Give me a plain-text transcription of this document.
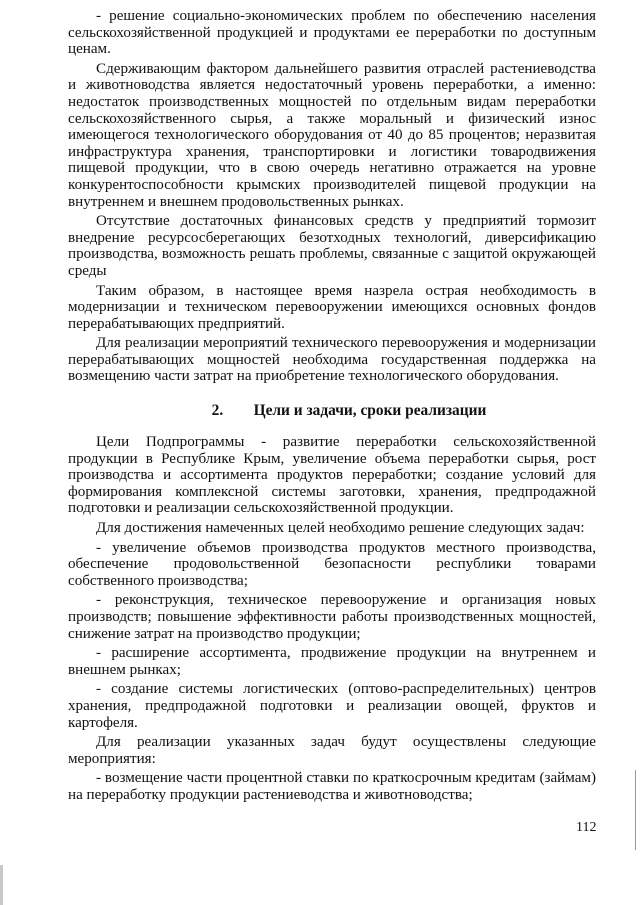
- решение социально-экономических проблем по обеспечению населения сельскохозяйственной продукцией и продуктами ее переработки по доступным ценам.

Сдерживающим фактором дальнейшего развития отраслей растениеводства и животноводства является недостаточный уровень переработки, а именно: недостаток производственных мощностей по отдельным видам переработки сельскохозяйственного сырья, а также моральный и физический износ имеющегося технологического оборудования от 40 до 85 процентов; неразвитая инфраструктура хранения, транспортировки и логистики товародвижения пищевой продукции, что в свою очередь негативно отражается на уровне конкурентоспособности крымских производителей пищевой продукции на внутреннем и внешнем продовольственных рынках.

Отсутствие достаточных финансовых средств у предприятий тормозит внедрение ресурсосберегающих безотходных технологий, диверсификацию производства, возможность решать проблемы, связанные с защитой окружающей среды

Таким образом, в настоящее время назрела острая необходимость в модернизации и техническом перевооружении имеющихся основных фондов перерабатывающих предприятий.

Для реализации мероприятий технического перевооружения и модернизации перерабатывающих мощностей необходима государственная поддержка на возмещению части затрат на приобретение технологического оборудования.

2. Цели и задачи, сроки реализации

Цели Подпрограммы - развитие переработки сельскохозяйственной продукции в Республике Крым, увеличение объема переработки сырья, рост производства и ассортимента продуктов переработки; создание условий для формирования комплексной системы заготовки, хранения, предпродажной подготовки и реализации сельскохозяйственной продукции.

Для достижения намеченных целей необходимо решение следующих задач:

- увеличение объемов производства продуктов местного производства, обеспечение продовольственной безопасности республики товарами собственного производства;

- реконструкция, техническое перевооружение и организация новых производств; повышение эффективности работы производственных мощностей, снижение затрат на производство продукции;

- расширение ассортимента, продвижение продукции на внутреннем и внешнем рынках;

- создание системы логистических (оптово-распределительных) центров хранения, предпродажной подготовки и реализации овощей, фруктов и картофеля.

Для реализации указанных задач будут осуществлены следующие мероприятия:

- возмещение части процентной ставки по краткосрочным кредитам (займам) на переработку продукции растениеводства и животноводства;

112
